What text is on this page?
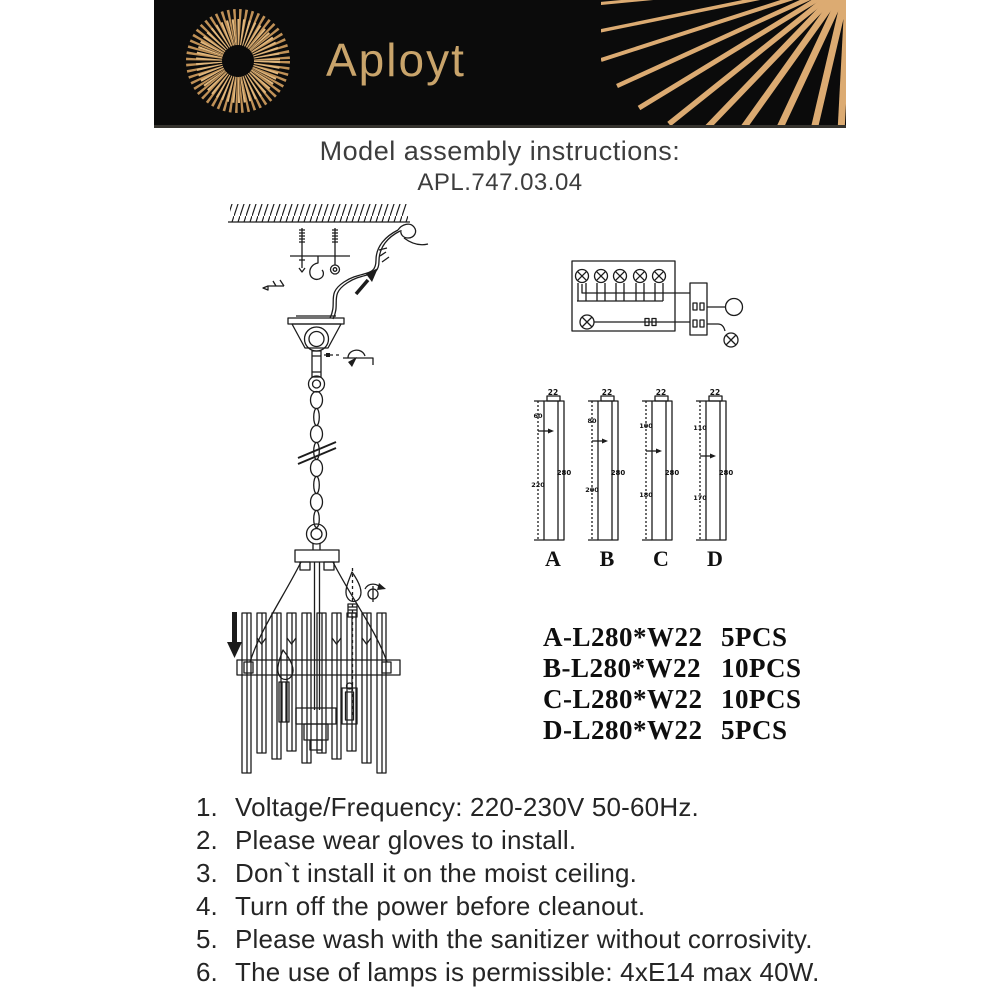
Aployt
Model assembly instructions:
APL.747.03.04
22
60
220
280
A
22
80
200
280
B
22
100
180
280
C
22
110
170
280
D
A-L280*W22 5PCS
B-L280*W22 10PCS
C-L280*W22 10PCS
D-L280*W22 5PCS
1. Voltage/Frequency: 220-230V 50-60Hz.
2. Please wear gloves to install.
3. Don`t install it on the moist ceiling.
4. Turn off the power before cleanout.
5. Please wash with the sanitizer without corrosivity.
6. The use of lamps is permissible: 4xE14 max 40W.
